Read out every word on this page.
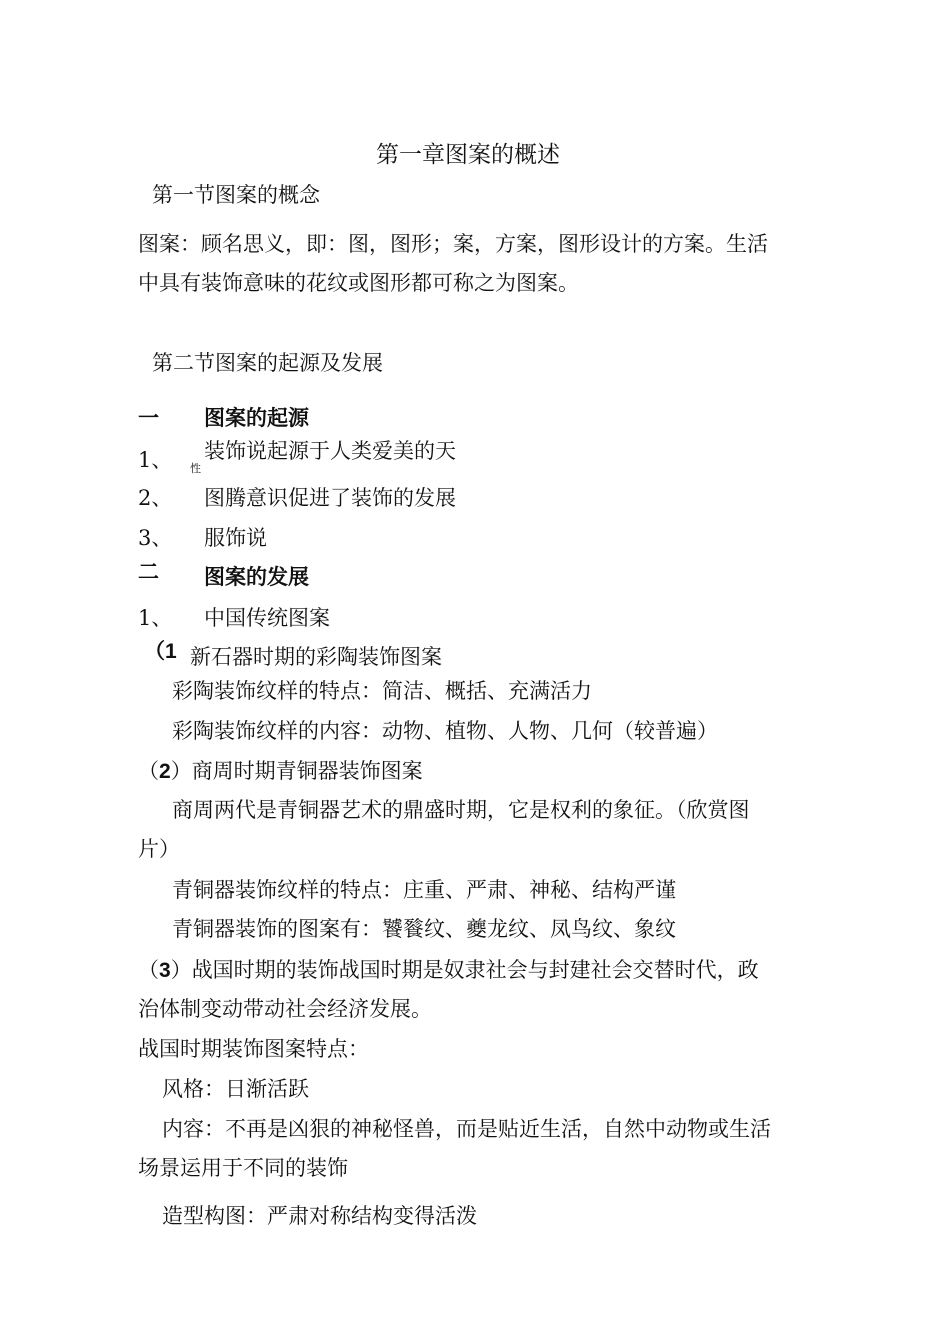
第一章图案的概述
第一节图案的概念
图案：顾名思义，即：图，图形；案，方案，图形设计的方案。生活
中具有装饰意味的花纹或图形都可称之为图案。
第二节图案的起源及发展
一 图案的起源
1、 装饰说起源于人类爱美的天
性
2、 图腾意识促进了装饰的发展
3、 服饰说
二 图案的发展
1、 中国传统图案
（1 新石器时期的彩陶装饰图案
彩陶装饰纹样的特点：简洁、概括、充满活力
彩陶装饰纹样的内容：动物、植物、人物、几何（较普遍）
（2）商周时期青铜器装饰图案
商周两代是青铜器艺术的鼎盛时期，它是权利的象征。（欣赏图
片）
青铜器装饰纹样的特点：庄重、严肃、神秘、结构严谨
青铜器装饰的图案有：饕餮纹、夔龙纹、凤鸟纹、象纹
（3）战国时期的装饰战国时期是奴隶社会与封建社会交替时代，政
治体制变动带动社会经济发展。
战国时期装饰图案特点：
风格：日渐活跃
内容：不再是凶狠的神秘怪兽，而是贴近生活，自然中动物或生活
场景运用于不同的装饰
造型构图：严肃对称结构变得活泼
